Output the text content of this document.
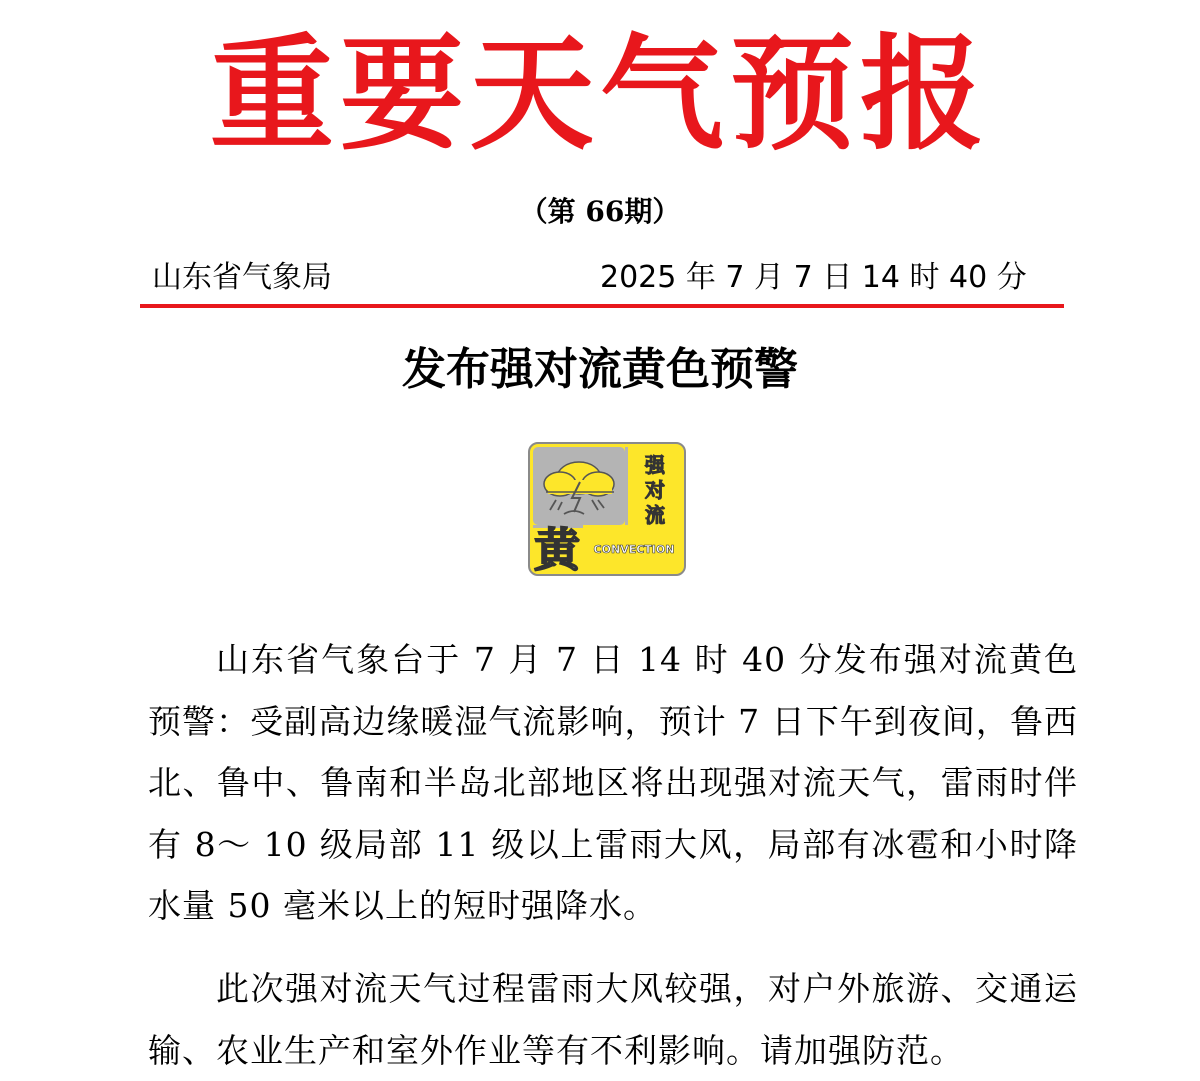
重要天气预报
（第 66期）
山东省气象局	2025 年 7 月 7 日 14 时 40 分
发布强对流黄色预警
黄
强
对
流
CONVECTION
山东省气象台于 7 月 7 日 14 时 40 分发布强对流黄色预警：受副高边缘暖湿气流影响，预计 7 日下午到夜间，鲁西北、鲁中、鲁南和半岛北部地区将出现强对流天气，雷雨时伴有 8～ 10 级局部 11 级以上雷雨大风，局部有冰雹和小时降水量 50 毫米以上的短时强降水。
此次强对流天气过程雷雨大风较强，对户外旅游、交通运输、农业生产和室外作业等有不利影响。请加强防范。
